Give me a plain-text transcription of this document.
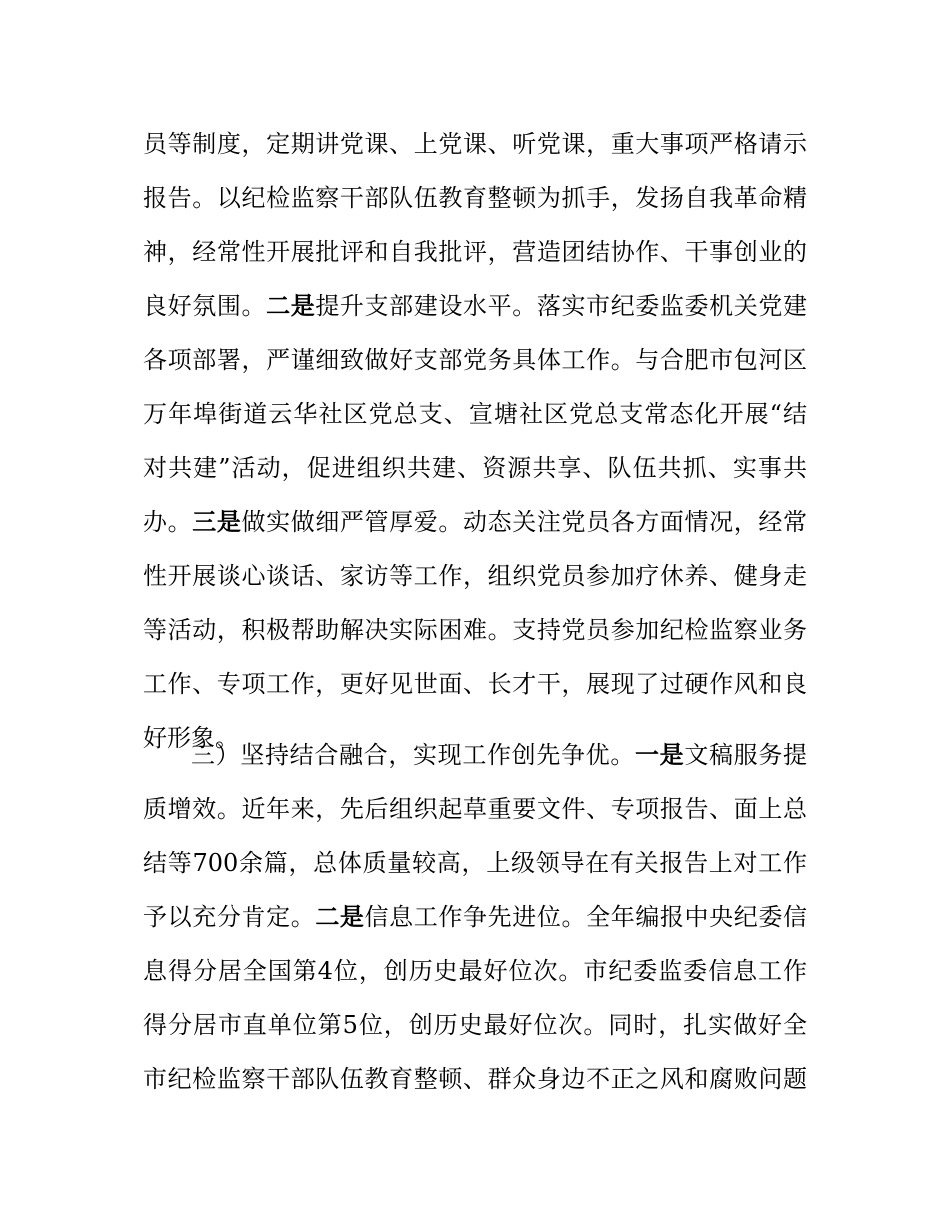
员等制度，定期讲党课、上党课、听党课，重大事项严格请示
报告。以纪检监察干部队伍教育整顿为抓手，发扬自我革命精
神，经常性开展批评和自我批评，营造团结协作、干事创业的
良好氛围。二是提升支部建设水平。落实市纪委监委机关党建
各项部署，严谨细致做好支部党务具体工作。与合肥市包河区
万年埠街道云华社区党总支、宣塘社区党总支常态化开展“结
对共建”活动，促进组织共建、资源共享、队伍共抓、实事共
办。三是做实做细严管厚爱。动态关注党员各方面情况，经常
性开展谈心谈话、家访等工作，组织党员参加疗休养、健身走
等活动，积极帮助解决实际困难。支持党员参加纪检监察业务
工作、专项工作，更好见世面、长才干，展现了过硬作风和良
好形象。
三）坚持结合融合，实现工作创先争优。一是文稿服务提
质增效。近年来，先后组织起草重要文件、专项报告、面上总
结等700余篇，总体质量较高，上级领导在有关报告上对工作
予以充分肯定。二是信息工作争先进位。全年编报中央纪委信
息得分居全国第4位，创历史最好位次。市纪委监委信息工作
得分居市直单位第5位，创历史最好位次。同时，扎实做好全
市纪检监察干部队伍教育整顿、群众身边不正之风和腐败问题
